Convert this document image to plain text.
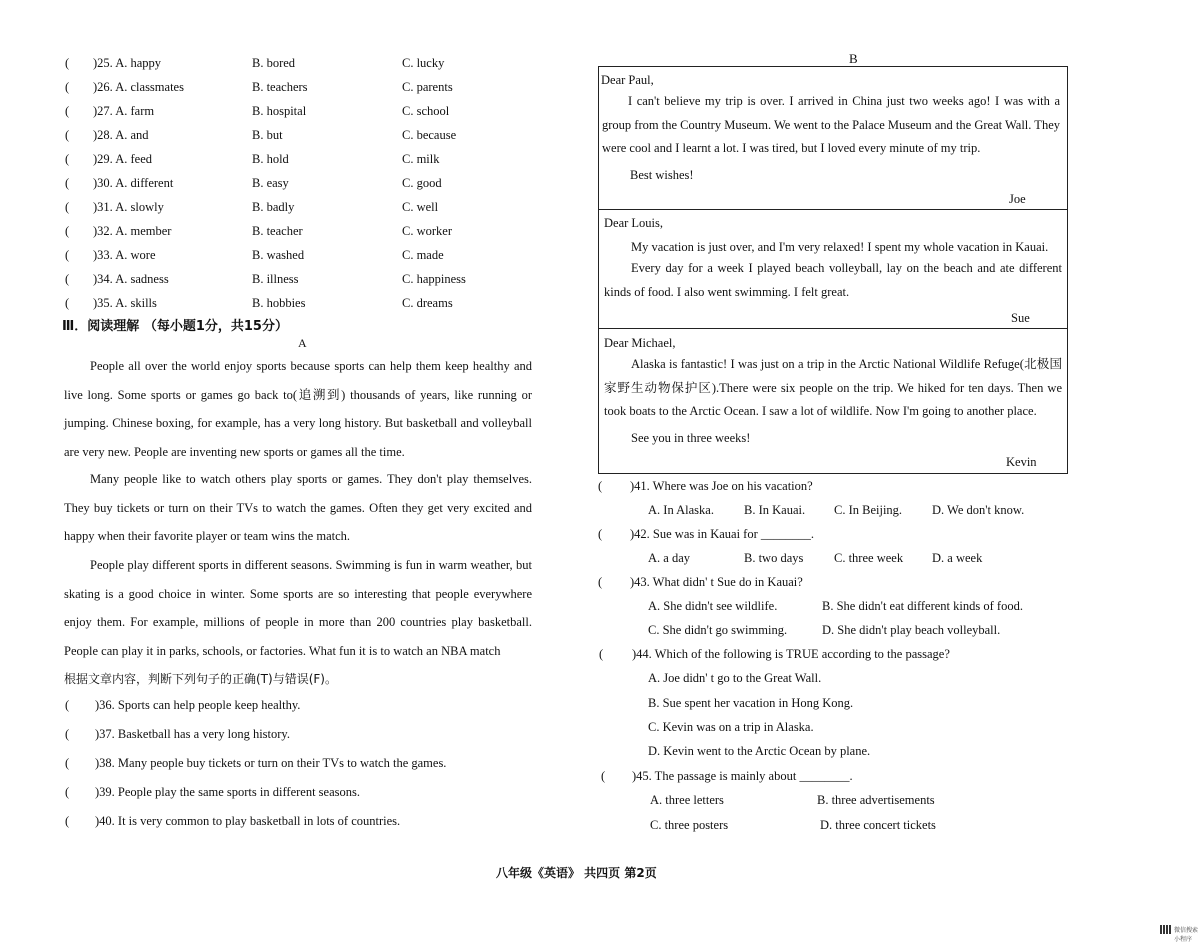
( )25. A. happy	B. bored	C. lucky
( )26. A. classmates	B. teachers	C. parents
( )27. A. farm	B. hospital	C. school
( )28. A. and	B. but	C. because
( )29. A. feed	B. hold	C. milk
( )30. A. different	B. easy	C. good
( )31. A. slowly	B. badly	C. well
( )32. A. member	B. teacher	C. worker
( )33. A. wore	B. washed	C. made
( )34. A. sadness	B. illness	C. happiness
( )35. A. skills	B. hobbies	C. dreams
Ⅲ．阅读理解 （每小题1分，共15分）
A
People all over the world enjoy sports because sports can help them keep healthy and live long. Some sports or games go back to(追溯到) thousands of years, like running or jumping. Chinese boxing, for example, has a very long history. But basketball and volleyball are very new. People are inventing new sports or games all the time.
Many people like to watch others play sports or games. They don't play themselves. They buy tickets or turn on their TVs to watch the games. Often they get very excited and happy when their favorite player or team wins the match.
People play different sports in different seasons. Swimming is fun in warm weather, but skating is a good choice in winter. Some sports are so interesting that people everywhere enjoy them. For example, millions of people in more than 200 countries play basketball. People can play it in parks, schools, or factories. What fun it is to watch an NBA match
根据文章内容，判断下列句子的正确(T)与错误(F)。
( )36. Sports can help people keep healthy.
( )37. Basketball has a very long history.
( )38. Many people buy tickets or turn on their TVs to watch the games.
( )39. People play the same sports in different seasons.
( )40. It is very common to play basketball in lots of countries.
B
Dear Paul,
I can't believe my trip is over. I arrived in China just two weeks ago! I was with a group from the Country Museum. We went to the Palace Museum and the Great Wall. They were cool and I learnt a lot. I was tired, but I loved every minute of my trip.
Best wishes!
Joe
Dear Louis,
My vacation is just over, and I'm very relaxed! I spent my whole vacation in Kauai.
Every day for a week I played beach volleyball, lay on the beach and ate different kinds of food. I also went swimming. I felt great.
Sue
Dear Michael,
Alaska is fantastic! I was just on a trip in the Arctic National Wildlife Refuge(北极国家野生动物保护区).There were six people on the trip. We hiked for ten days. Then we took boats to the Arctic Ocean. I saw a lot of wildlife. Now I'm going to another place.
See you in three weeks!
Kevin
( )41. Where was Joe on his vacation?
A. In Alaska. B. In Kauai. C. In Beijing. D. We don't know.
( )42. Sue was in Kauai for ________.
A. a day	B. two days C. three week D. a week
( )43. What didn' t Sue do in Kauai?
A. She didn't see wildlife.	B. She didn't eat different kinds of food.
C. She didn't go swimming.	D. She didn't play beach volleyball.
( )44. Which of the following is TRUE according to the passage?
A. Joe didn' t go to the Great Wall.
B. Sue spent her vacation in Hong Kong.
C. Kevin was on a trip in Alaska.
D. Kevin went to the Arctic Ocean by plane.
( )45. The passage is mainly about ________.
A. three letters	B. three advertisements
C. three posters	D. three concert tickets
八年级《英语》 共四页 第2页
微信搜索小程序
